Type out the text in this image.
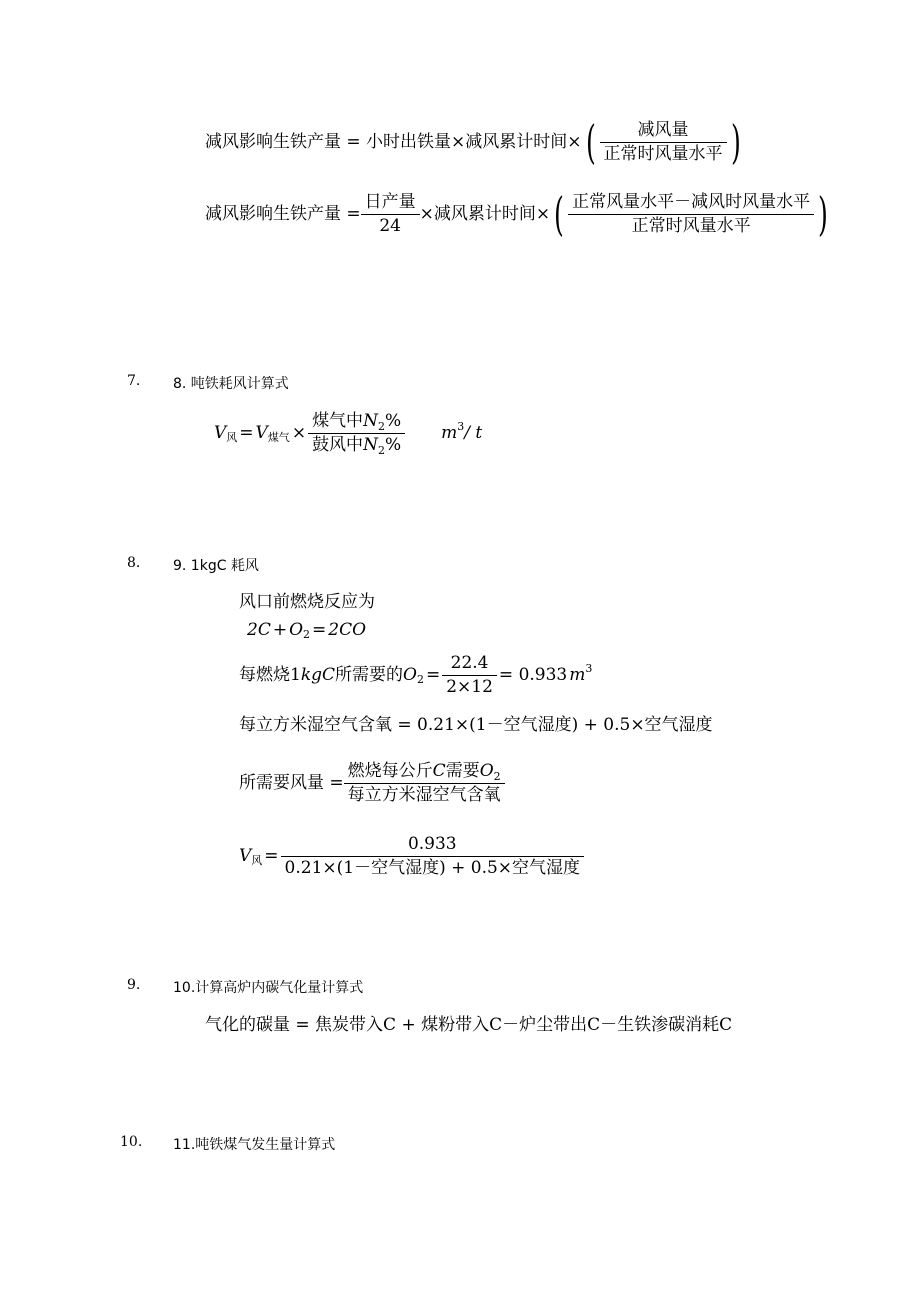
减风影响生铁产量 = 小时出铁量×减风累计时间× ( $\frac{\text{减风量}}{\text{正常时风量水平}}$ )
减风影响生铁产量 = $\frac{\text{日产量}}{24}$ ×减风累计时间× ( $\frac{\text{正常风量水平－减风时风量水平}}{\text{正常时风量水平}}$ )
7. 8. 吨铁耗风计算式
V 风 = V 煤气 × $\frac{煤气中N_2\%}{鼓风中N_2\%}$ m 3 / t
8. 9. 1kgC 耗风
风口前燃烧反应为
2C + O 2 = 2CO
每燃烧1 kgC 所需要的 O $2 = \frac{22.4}{2\times 12} = 0.933$ m 3
每立方米湿空气含氧 = 0.21×(1－空气湿度) + 0.5×空气湿度
所需要风量 = $\frac{燃烧每公斤C需要O_2}{\text{每立方米湿空气含氧}}$
V 风 = $\frac{0.933}{\text{0.21×(1－空气湿度) + 0.5×空气湿度}}$
9. 10.计算高炉内碳气化量计算式
气化的碳量 = 焦炭带入C + 煤粉带入C－炉尘带出C－生铁渗碳消耗C
10. 11.吨铁煤气发生量计算式
